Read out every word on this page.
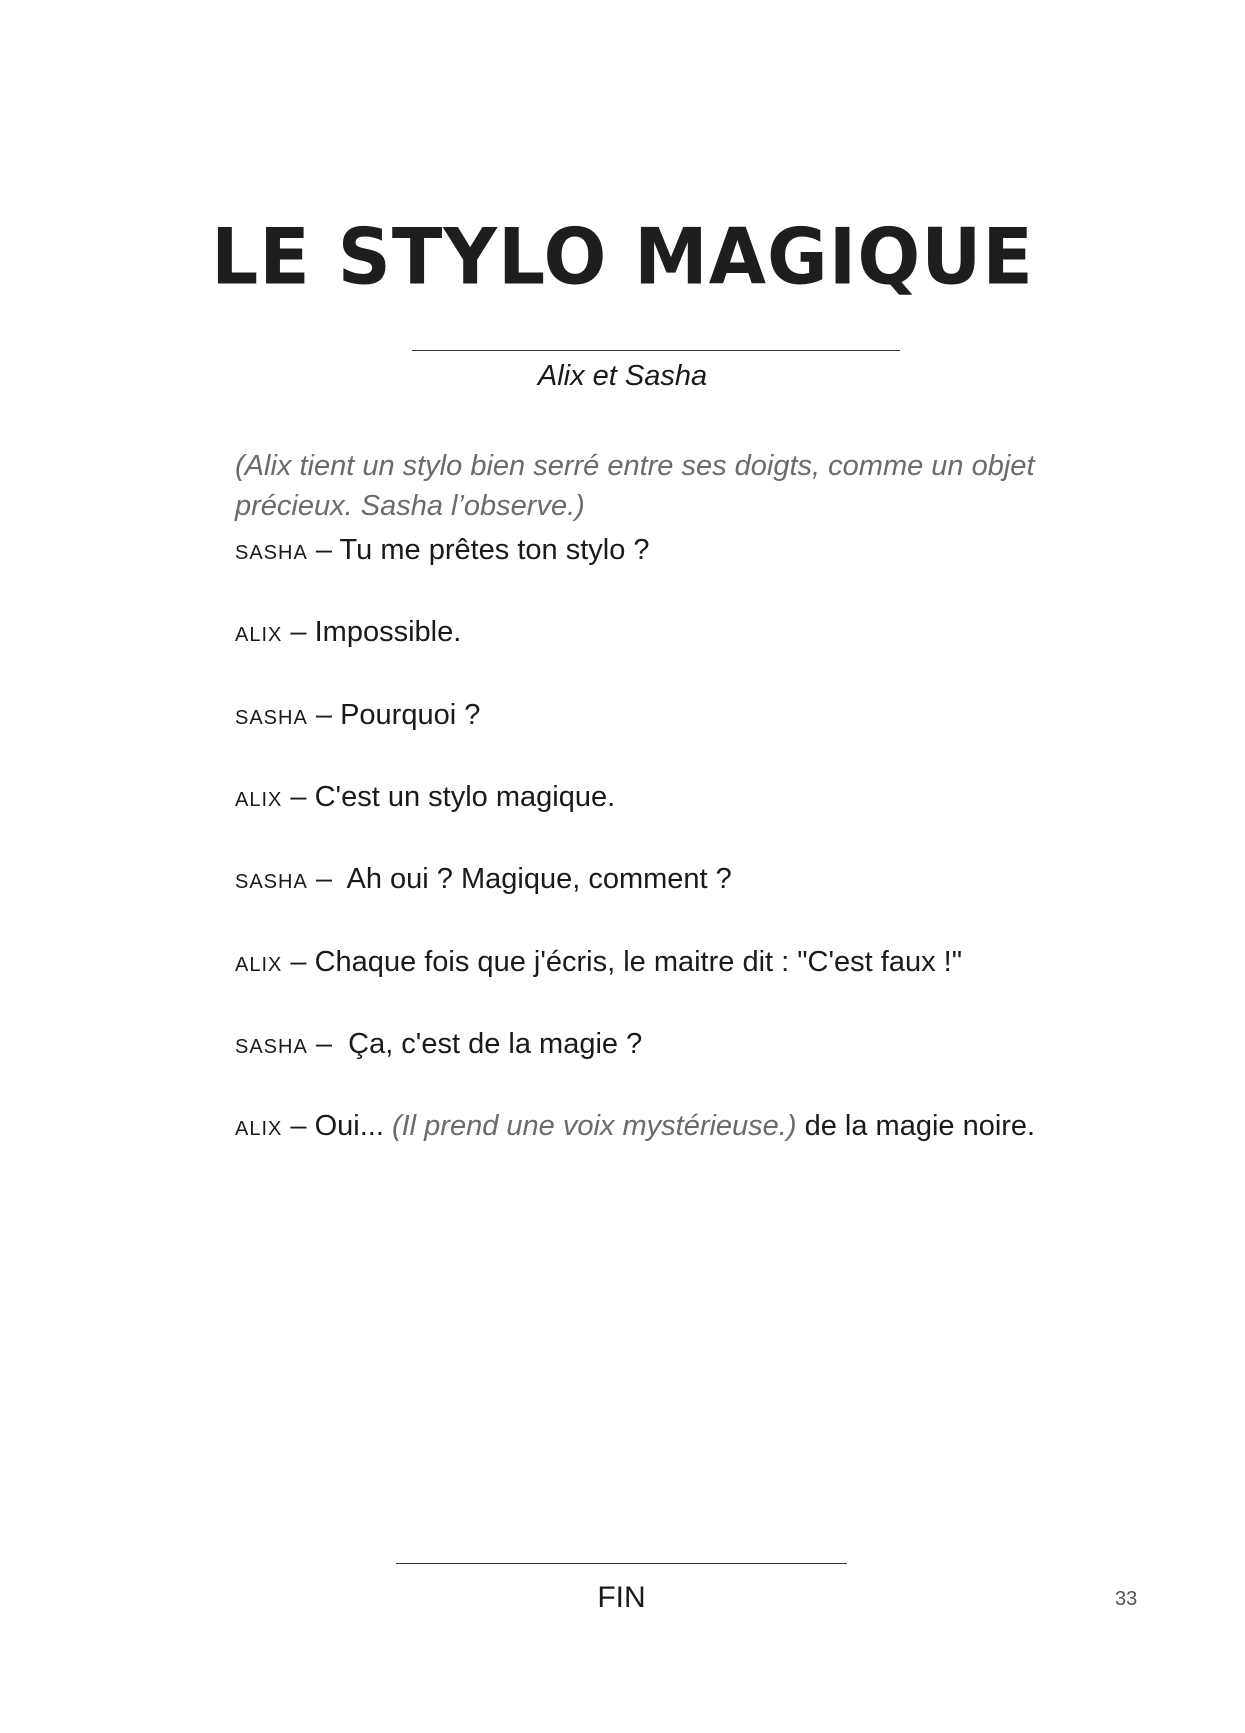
LE STYLO MAGIQUE

Alix et Sasha

(Alix tient un stylo bien serré entre ses doigts, comme un objet précieux. Sasha l’observe.)

SASHA – Tu me prêtes ton stylo ?

ALIX – Impossible.

SASHA – Pourquoi ?

ALIX – C'est un stylo magique.

SASHA –  Ah oui ? Magique, comment ?

ALIX – Chaque fois que j'écris, le maitre dit : "C'est faux !"

SASHA –  Ça, c'est de la magie ?

ALIX – Oui... (Il prend une voix mystérieuse.) de la magie noire.

FIN	33
